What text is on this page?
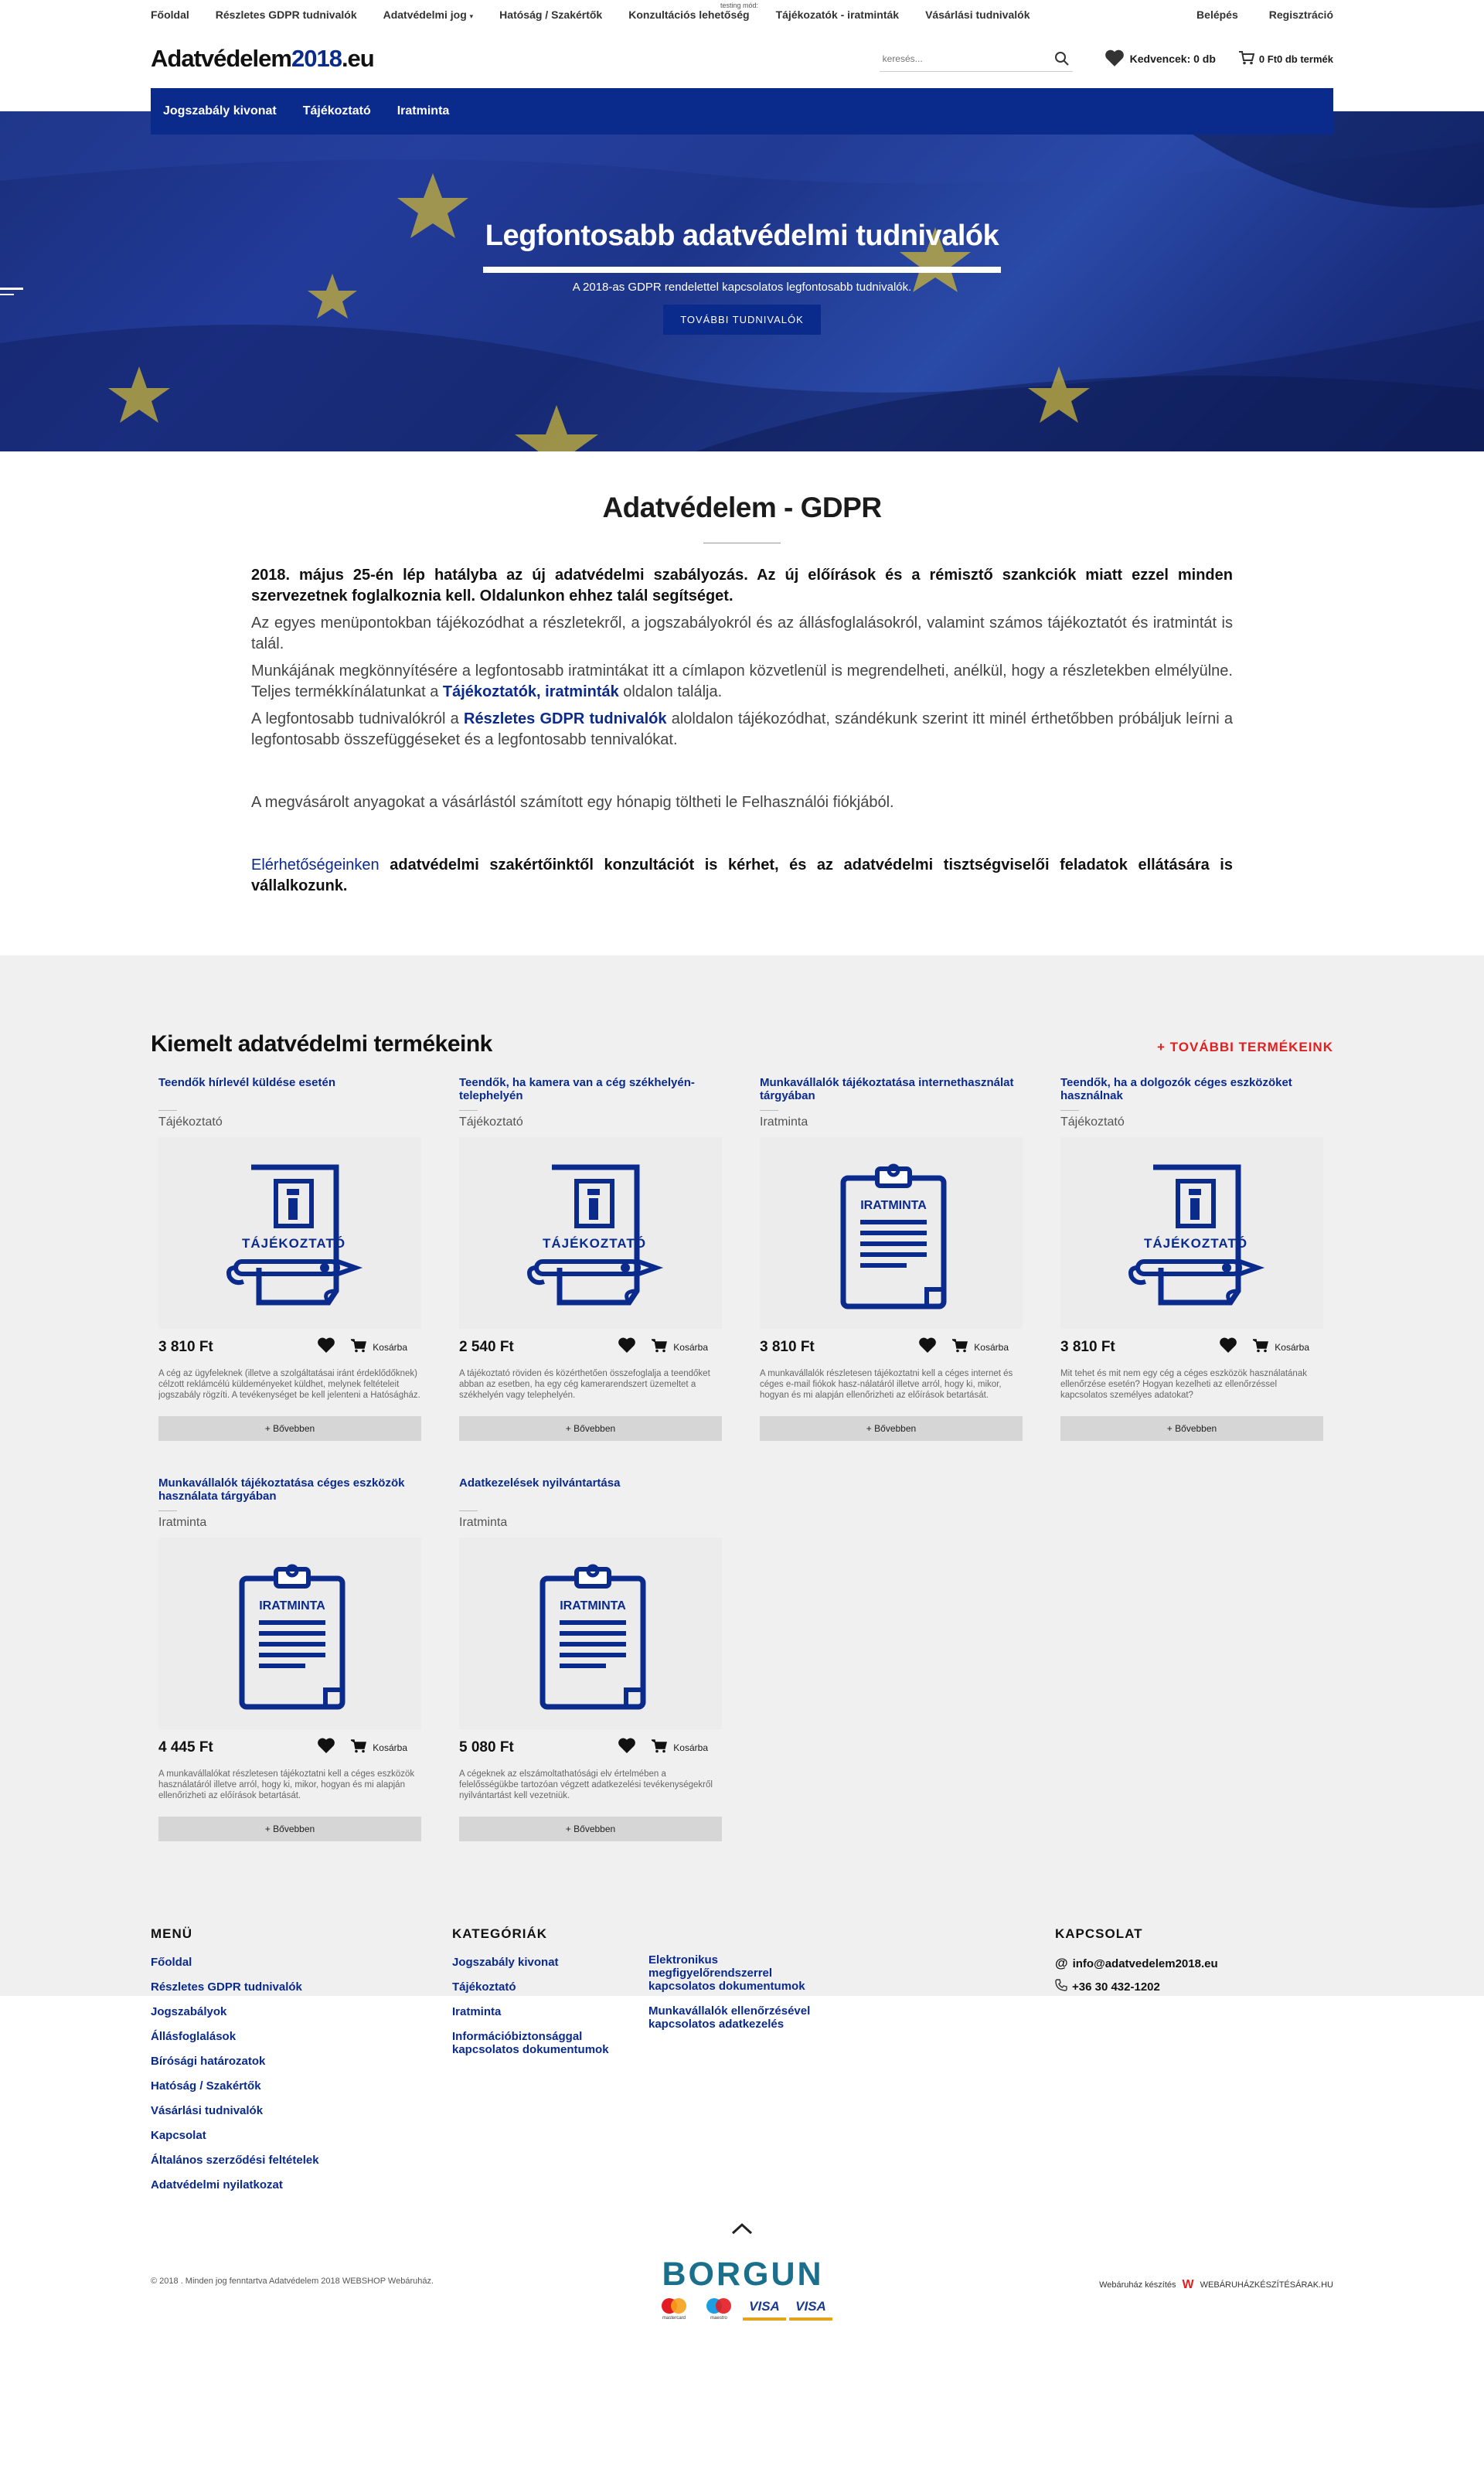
Főoldal Részletes GDPR tudnivalók Adatvédelmi jog ▾ Hatóság / Szakértők Konzultációs lehetőség Tájékozatók - iratminták Vásárlási tudnivalók
testing mód:
Belépés	Regisztráció
Adatvédelem2018.eu
keresés...	Kedvencek: 0 db	0 Ft0 db termék
Jogszabály kivonat Tájékoztató Iratminta
Legfontosabb adatvédelmi tudnivalók
A 2018-as GDPR rendelettel kapcsolatos legfontosabb tudnivalók.
TOVÁBBI TUDNIVALÓK
Adatvédelem - GDPR

2018. május 25-én lép hatályba az új adatvédelmi szabályozás. Az új előírások és a rémisztő szankciók miatt ezzel minden szervezetnek foglalkoznia kell. Oldalunkon ehhez talál segítséget.

Az egyes menüpontokban tájékozódhat a részletekről, a jogszabályokról és az állásfoglalásokról, valamint számos tájékoztatót és iratmintát is talál.

Munkájának megkönnyítésére a legfontosabb iratmintákat itt a címlapon közvetlenül is megrendelheti, anélkül, hogy a részletekben elmélyülne. Teljes termékkínálatunkat a Tájékoztatók, iratminták oldalon találja.

A legfontosabb tudnivalókról a Részletes GDPR tudnivalók aloldalon tájékozódhat, szándékunk szerint itt minél érthetőbben próbáljuk leírni a legfontosabb összefüggéseket és a legfontosabb tennivalókat.

A megvásárolt anyagokat a vásárlástól számított egy hónapig töltheti le Felhasználói fiókjából.

Elérhetőségeinken adatvédelmi szakértőinktől konzultációt is kérhet, és az adatvédelmi tisztségviselői feladatok ellátására is vállalkozunk.

Kiemelt adatvédelmi termékeink	+ TOVÁBBI TERMÉKEINK
Teendők hírlevél küldése esetén
Tájékoztató
TÁJÉKOZTATÓ
3 810 Ft	Kosárba
A cég az ügyfeleknek (illetve a szolgáltatásai iránt érdeklődőknek) célzott reklámcélú küldeményeket küldhet, melynek feltételeit jogszabály rögzíti. A tevékenységet be kell jelenteni a Hatóságház.
+ Bővebben
Teendők, ha kamera van a cég székhelyén-telephelyén
Tájékoztató
TÁJÉKOZTATÓ
2 540 Ft	Kosárba
A tájékoztató röviden és közérthetően összefoglalja a teendőket abban az esetben, ha egy cég kamerarendszert üzemeltet a székhelyén vagy telephelyén.
+ Bővebben
Munkavállalók tájékoztatása internethasználat tárgyában
Iratminta
IRATMINTA
3 810 Ft	Kosárba
A munkavállalók részletesen tájékoztatni kell a céges internet és céges e-mail fiókok hasz-nálatáról illetve arról, hogy ki, mikor, hogyan és mi alapján ellenőrizheti az előírások betartását.
+ Bővebben
Teendők, ha a dolgozók céges eszközöket használnak
Tájékoztató
TÁJÉKOZTATÓ
3 810 Ft	Kosárba
Mit tehet és mit nem egy cég a céges eszközök használatának ellenőrzése esetén? Hogyan kezelheti az ellenőrzéssel kapcsolatos személyes adatokat?
+ Bővebben
Munkavállalók tájékoztatása céges eszközök használata tárgyában
Iratminta
IRATMINTA
4 445 Ft	Kosárba
A munkavállalókat részletesen tájékoztatni kell a céges eszközök használatáról illetve arról, hogy ki, mikor, hogyan és mi alapján ellenőrizheti az előírások betartását.
+ Bővebben
Adatkezelések nyilvántartása
Iratminta
IRATMINTA
5 080 Ft	Kosárba
A cégeknek az elszámoltathatósági elv értelmében a felelősségükbe tartozóan végzett adatkezelési tevékenységekről nyilvántartást kell vezetniük.
+ Bővebben
MENÜ
Főoldal
Részletes GDPR tudnivalók
Jogszabályok
Állásfoglalások
Bírósági határozatok
Hatóság / Szakértők
Vásárlási tudnivalók
Kapcsolat
Általános szerződési feltételek
Adatvédelmi nyilatkozat
KATEGÓRIÁK
Jogszabály kivonat
Tájékoztató
Iratminta
Információbiztonsággal kapcsolatos dokumentumok
Elektronikus megfigyelőrendszerrel kapcsolatos dokumentumok
Munkavállalók ellenőrzésével kapcsolatos adatkezelés
KAPCSOLAT
@ info@adatvedelem2018.eu
+36 30 432-1202
© 2018 . Minden jog fenntartva Adatvédelem 2018 WEBSHOP Webáruház.	BORGUN
mastercard	maestro
VISA	VISA
Webáruház készítés W WEBÁRUHÁZKÉSZÍTÉSÁRAK.HU
